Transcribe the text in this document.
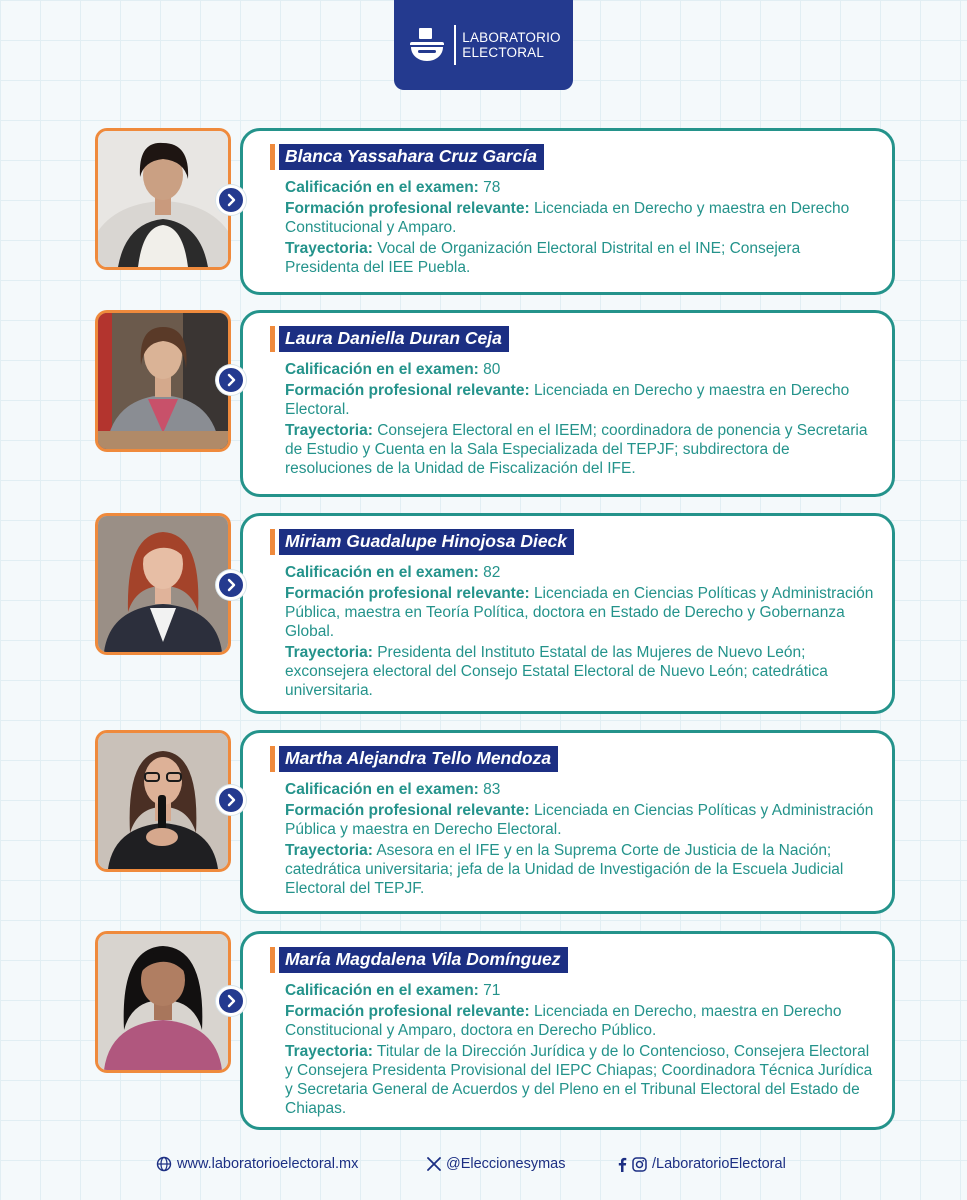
LABORATORIO
ELECTORAL
Blanca Yassahara Cruz García

Calificación en el examen: 78

Formación profesional relevante: Licenciada en Derecho y maestra en Derecho Constitucional y Amparo.

Trayectoria: Vocal de Organización Electoral Distrital en el INE; Consejera Presidenta del IEE Puebla.

Laura Daniella Duran Ceja

Calificación en el examen: 80

Formación profesional relevante: Licenciada en Derecho y maestra en Derecho Electoral.

Trayectoria: Consejera Electoral en el IEEM; coordinadora de ponencia y Secretaria de Estudio y Cuenta en la Sala Especializada del TEPJF; subdirectora de resoluciones de la Unidad de Fiscalización del IFE.

Miriam Guadalupe Hinojosa Dieck

Calificación en el examen: 82

Formación profesional relevante: Licenciada en Ciencias Políticas y Administración Pública, maestra en Teoría Política, doctora en Estado de Derecho y Gobernanza Global.

Trayectoria: Presidenta del Instituto Estatal de las Mujeres de Nuevo León; exconsejera electoral del Consejo Estatal Electoral de Nuevo León; catedrática universitaria.

Martha Alejandra Tello Mendoza

Calificación en el examen: 83

Formación profesional relevante: Licenciada en Ciencias Políticas y Administración Pública y maestra en Derecho Electoral.

Trayectoria: Asesora en el IFE y en la Suprema Corte de Justicia de la Nación; catedrática universitaria; jefa de la Unidad de Investigación de la Escuela Judicial Electoral del TEPJF.

María Magdalena Vila Domínguez

Calificación en el examen: 71

Formación profesional relevante: Licenciada en Derecho, maestra en Derecho Constitucional y Amparo, doctora en Derecho Público.

Trayectoria: Titular de la Dirección Jurídica y de lo Contencioso, Consejera Electoral y Consejera Presidenta Provisional del IEPC Chiapas; Coordinadora Técnica Jurídica y Secretaria General de Acuerdos y del Pleno en el Tribunal Electoral del Estado de Chiapas.

www.laboratorioelectoral.mx	@Eleccionesymas	/LaboratorioElectoral
